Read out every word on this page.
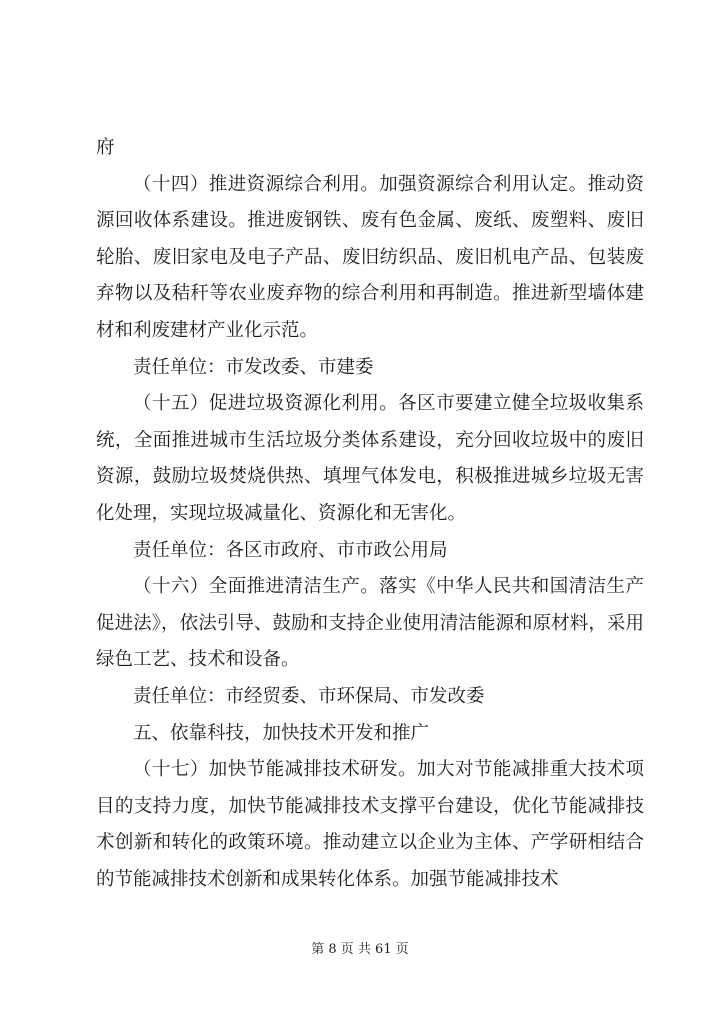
府

（十四）推进资源综合利用。加强资源综合利用认定。推动资源回收体系建设。推进废钢铁、废有色金属、废纸、废塑料、废旧轮胎、废旧家电及电子产品、废旧纺织品、废旧机电产品、包装废弃物以及秸秆等农业废弃物的综合利用和再制造。推进新型墙体建材和利废建材产业化示范。

责任单位：市发改委、市建委

（十五）促进垃圾资源化利用。各区市要建立健全垃圾收集系统，全面推进城市生活垃圾分类体系建设，充分回收垃圾中的废旧资源，鼓励垃圾焚烧供热、填埋气体发电，积极推进城乡垃圾无害化处理，实现垃圾减量化、资源化和无害化。

责任单位：各区市政府、市市政公用局

（十六）全面推进清洁生产。落实《中华人民共和国清洁生产促进法》，依法引导、鼓励和支持企业使用清洁能源和原材料，采用绿色工艺、技术和设备。

责任单位：市经贸委、市环保局、市发改委

五、依靠科技，加快技术开发和推广

（十七）加快节能减排技术研发。加大对节能减排重大技术项目的支持力度，加快节能减排技术支撑平台建设，优化节能减排技术创新和转化的政策环境。推动建立以企业为主体、产学研相结合的节能减排技术创新和成果转化体系。加强节能减排技术

第 8 页 共 61 页
